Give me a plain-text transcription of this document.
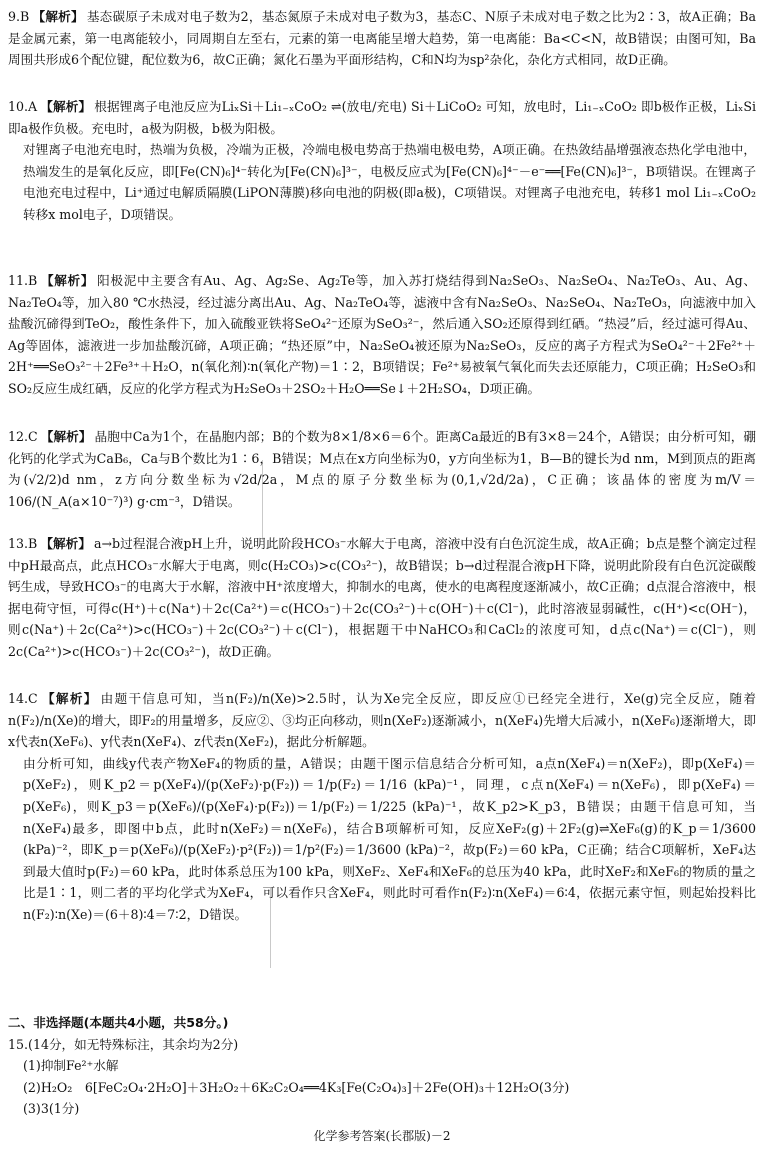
9.B 【解析】 基态碳原子未成对电子数为2，基态氮原子未成对电子数为3，基态C、N原子未成对电子数之比为2∶3，故A正确；Ba是金属元素，第一电离能较小，同周期自左至右，元素的第一电离能呈增大趋势，第一电离能：Ba<C<N，故B错误；由图可知，Ba周围共形成6个配位键，配位数为6，故C正确；氮化石墨为平面形结构，C和N均为sp²杂化，杂化方式相同，故D正确。

10.A 【解析】 根据锂离子电池反应为LiₓSi＋Li₁₋ₓCoO₂ ⇌(放电/充电) Si＋LiCoO₂ 可知，放电时，Li₁₋ₓCoO₂ 即b极作正极，LiₓSi即a极作负极。充电时，a极为阴极，b极为阳极。

对锂离子电池充电时，热端为负极，冷端为正极，冷端电极电势高于热端电极电势，A项正确。在热敛结晶增强液态热化学电池中，热端发生的是氧化反应，即[Fe(CN)₆]⁴⁻转化为[Fe(CN)₆]³⁻，电极反应式为[Fe(CN)₆]⁴⁻－e⁻══[Fe(CN)₆]³⁻，B项错误。在锂离子电池充电过程中，Li⁺通过电解质隔膜(LiPON薄膜)移向电池的阴极(即a极)，C项错误。对锂离子电池充电，转移1 mol Li₁₋ₓCoO₂ 转移x mol电子，D项错误。

11.B 【解析】 阳极泥中主要含有Au、Ag、Ag₂Se、Ag₂Te等，加入苏打烧结得到Na₂SeO₃、Na₂SeO₄、Na₂TeO₃、Au、Ag、Na₂TeO₄等，加入80 ℃水热浸，经过滤分离出Au、Ag、Na₂TeO₄等，滤液中含有Na₂SeO₃、Na₂SeO₄、Na₂TeO₃，向滤液中加入盐酸沉碲得到TeO₂，酸性条件下，加入硫酸亚铁将SeO₄²⁻还原为SeO₃²⁻，然后通入SO₂还原得到红硒。“热浸”后，经过滤可得Au、Ag等固体，滤液进一步加盐酸沉碲，A项正确；“热还原”中，Na₂SeO₄被还原为Na₂SeO₃，反应的离子方程式为SeO₄²⁻＋2Fe²⁺＋2H⁺══SeO₃²⁻＋2Fe³⁺＋H₂O，n(氧化剂)∶n(氧化产物)＝1∶2，B项错误；Fe²⁺易被氧气氧化而失去还原能力，C项正确；H₂SeO₃和SO₂反应生成红硒，反应的化学方程式为H₂SeO₃＋2SO₂＋H₂O══Se↓＋2H₂SO₄，D项正确。

12.C 【解析】 晶胞中Ca为1个，在晶胞内部；B的个数为8×1/8×6＝6个。距离Ca最近的B有3×8＝24个，A错误；由分析可知，硼化钙的化学式为CaB₆，Ca与B个数比为1∶6，B错误；M点在x方向坐标为0，y方向坐标为1，B—B的键长为d nm，M到顶点的距离为(√2/2)d nm，z方向分数坐标为√2d/2a，M点的原子分数坐标为(0,1,√2d/2a)，C正确；该晶体的密度为m/V＝106/(N_A(a×10⁻⁷)³) g·cm⁻³，D错误。

13.B 【解析】 a→b过程混合液pH上升，说明此阶段HCO₃⁻水解大于电离，溶液中没有白色沉淀生成，故A正确；b点是整个滴定过程中pH最高点，此点HCO₃⁻水解大于电离，则c(H₂CO₃)>c(CO₃²⁻)，故B错误；b→d过程混合液pH下降，说明此阶段有白色沉淀碳酸钙生成，导致HCO₃⁻的电离大于水解，溶液中H⁺浓度增大，抑制水的电离，使水的电离程度逐渐减小，故C正确；d点混合溶液中，根据电荷守恒，可得c(H⁺)＋c(Na⁺)＋2c(Ca²⁺)＝c(HCO₃⁻)＋2c(CO₃²⁻)＋c(OH⁻)＋c(Cl⁻)，此时溶液显弱碱性，c(H⁺)<c(OH⁻)，则c(Na⁺)＋2c(Ca²⁺)>c(HCO₃⁻)＋2c(CO₃²⁻)＋c(Cl⁻)，根据题干中NaHCO₃和CaCl₂的浓度可知，d点c(Na⁺)＝c(Cl⁻)，则2c(Ca²⁺)>c(HCO₃⁻)＋2c(CO₃²⁻)，故D正确。

14.C 【解析】 由题干信息可知，当n(F₂)/n(Xe)>2.5时，认为Xe完全反应，即反应①已经完全进行，Xe(g)完全反应，随着n(F₂)/n(Xe)的增大，即F₂的用量增多，反应②、③均正向移动，则n(XeF₂)逐渐减小，n(XeF₄)先增大后减小，n(XeF₆)逐渐增大，即x代表n(XeF₆)、y代表n(XeF₄)、z代表n(XeF₂)，据此分析解题。

由分析可知，曲线y代表产物XeF₄的物质的量，A错误；由题干图示信息结合分析可知，a点n(XeF₄)＝n(XeF₂)，即p(XeF₄)＝p(XeF₂)，则K_p2＝p(XeF₄)/(p(XeF₂)·p(F₂))＝1/p(F₂)＝1/16 (kPa)⁻¹，同理，c点n(XeF₄)＝n(XeF₆)，即p(XeF₄)＝p(XeF₆)，则K_p3＝p(XeF₆)/(p(XeF₄)·p(F₂))＝1/p(F₂)＝1/225 (kPa)⁻¹，故K_p2>K_p3，B错误；由题干信息可知，当n(XeF₄)最多，即图中b点，此时n(XeF₂)＝n(XeF₆)，结合B项解析可知，反应XeF₂(g)＋2F₂(g)⇌XeF₆(g)的K_p＝1/3600 (kPa)⁻²，即K_p＝p(XeF₆)/(p(XeF₂)·p²(F₂))＝1/p²(F₂)＝1/3600 (kPa)⁻²，故p(F₂)＝60 kPa，C正确；结合C项解析，XeF₄达到最大值时p(F₂)＝60 kPa，此时体系总压为100 kPa，则XeF₂、XeF₄和XeF₆的总压为40 kPa，此时XeF₂和XeF₆的物质的量之比是1∶1，则二者的平均化学式为XeF₄，可以看作只含XeF₄，则此时可看作n(F₂)∶n(XeF₄)＝6∶4，依据元素守恒，则起始投料比n(F₂)∶n(Xe)＝(6＋8)∶4＝7∶2，D错误。

二、非选择题(本题共4小题，共58分。)

15.(14分，如无特殊标注，其余均为2分)

(1)抑制Fe²⁺水解

(2)H₂O₂　6[FeC₂O₄·2H₂O]＋3H₂O₂＋6K₂C₂O₄══4K₃[Fe(C₂O₄)₃]＋2Fe(OH)₃＋12H₂O(3分)

(3)3(1分)

化学参考答案(长郡版)－2
